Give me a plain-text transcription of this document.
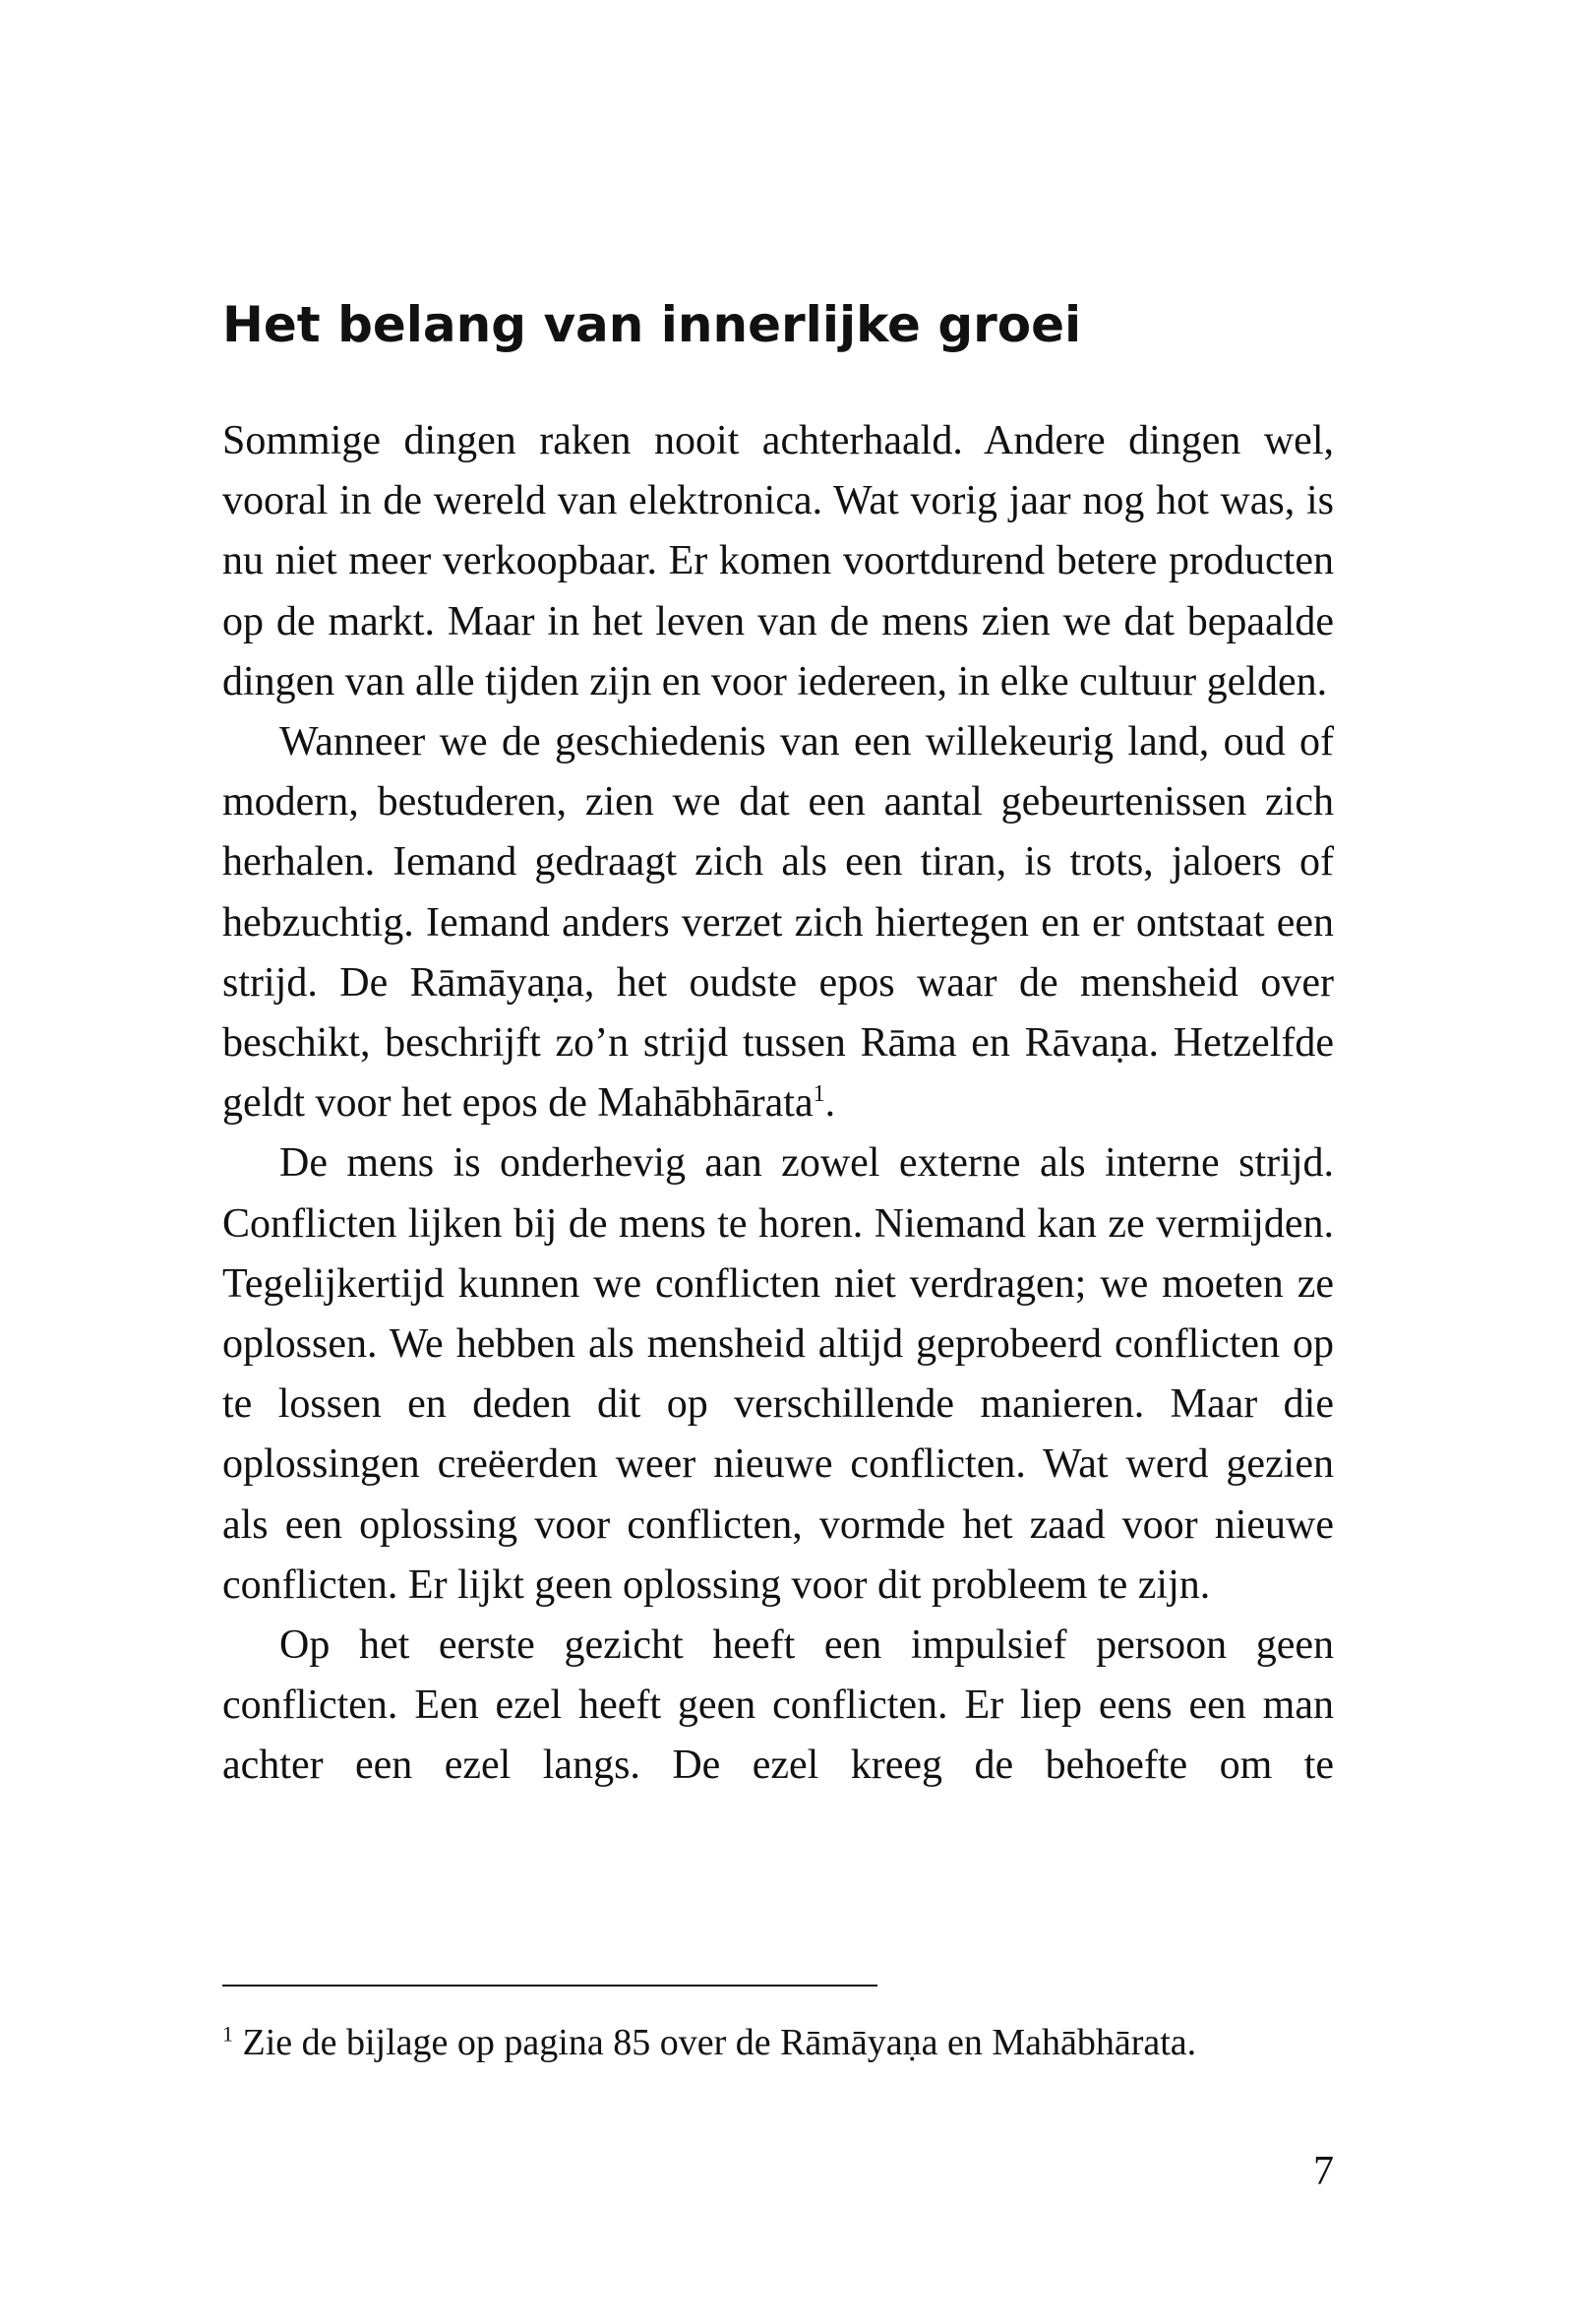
Het belang van innerlijke groei

Sommige dingen raken nooit achterhaald. Andere dingen wel, vooral in de wereld van elektronica. Wat vorig jaar nog hot was, is nu niet meer verkoopbaar. Er komen voortdurend betere producten op de markt. Maar in het leven van de mens zien we dat bepaalde dingen van alle tijden zijn en voor iedereen, in elke cultuur gelden.

Wanneer we de geschiedenis van een willekeurig land, oud of modern, bestuderen, zien we dat een aantal gebeurtenissen zich herhalen. Iemand gedraagt zich als een tiran, is trots, jaloers of hebzuchtig. Iemand anders verzet zich hiertegen en er ontstaat een strijd. De Rāmāyaṇa, het oudste epos waar de mensheid over beschikt, beschrijft zo’n strijd tussen Rāma en Rāvaṇa. Hetzelfde geldt voor het epos de Mahābhārata$^1$.

De mens is onderhevig aan zowel externe als interne strijd. Conflicten lijken bij de mens te horen. Niemand kan ze vermijden. Tegelijkertijd kunnen we conflicten niet verdragen; we moeten ze oplossen. We hebben als mensheid altijd geprobeerd conflicten op te lossen en deden dit op verschillende manieren. Maar die oplossingen creëerden weer nieuwe conflicten. Wat werd gezien als een oplossing voor conflicten, vormde het zaad voor nieuwe conflicten. Er lijkt geen oplossing voor dit probleem te zijn.

Op het eerste gezicht heeft een impulsief persoon geen conflicten. Een ezel heeft geen conflicten. Er liep eens een man achter een ezel langs. De ezel kreeg de behoefte om te

$^1$ Zie de bijlage op pagina 85 over de Rāmāyaṇa en Mahābhārata.
7
